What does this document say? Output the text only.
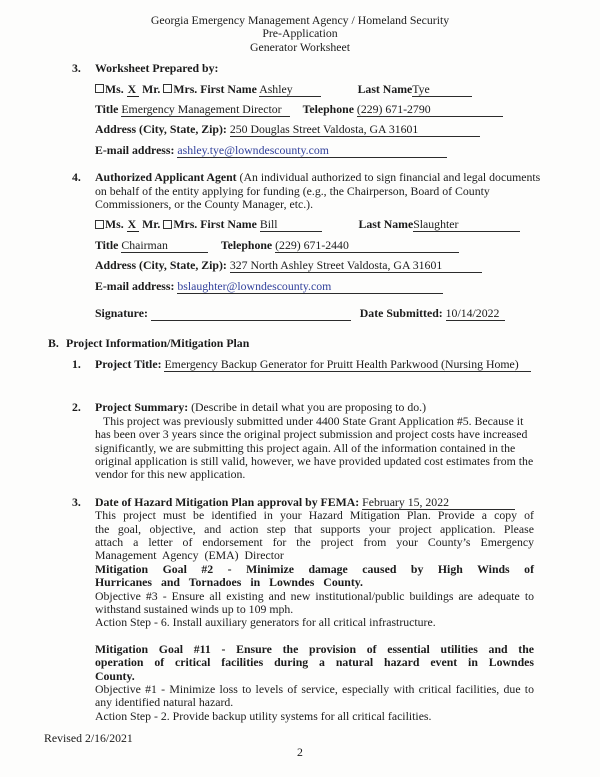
Georgia Emergency Management Agency / Homeland Security
Pre-Application
Generator Worksheet
3.	Worksheet Prepared by:
Ms. X Mr. Mrs. First Name Ashley	Last NameTye
Title Emergency Management Director Telephone (229) 671-2790
Address (City, State, Zip): 250 Douglas Street Valdosta, GA 31601
E-mail address: ashley.tye@lowndescounty.com
4.	Authorized Applicant Agent (An individual authorized to sign financial and legal documents on behalf of the entity applying for funding (e.g., the Chairperson, Board of County Commissioners, or the County Manager, etc.).
Ms. X Mr. Mrs. First Name Bill	Last NameSlaughter
Title Chairman	Telephone (229) 671-2440
Address (City, State, Zip): 327 North Ashley Street Valdosta, GA 31601
E-mail address: bslaughter@lowndescounty.com
Signature:	Date Submitted: 10/14/2022
B. Project Information/Mitigation Plan
1.	Project Title: Emergency Backup Generator for Pruitt Health Parkwood (Nursing Home)
2.	Project Summary: (Describe in detail what you are proposing to do.)
This project was previously submitted under 4400 State Grant Application #5. Because it has been over 3 years since the original project submission and project costs have increased significantly, we are submitting this project again. All of the information contained in the original application is still valid, however, we have provided updated cost estimates from the vendor for this new application.
3.	Date of Hazard Mitigation Plan approval by FEMA: February 15, 2022
This project must be identified in your Hazard Mitigation Plan. Provide a copy of the goal, objective, and action step that supports your project application. Please attach a letter of endorsement for the project from your County’s Emergency Management Agency (EMA) Director
Mitigation Goal #2 - Minimize damage caused by High Winds of Hurricanes and Tornadoes in Lowndes County.
Objective #3 - Ensure all existing and new institutional/public buildings are adequate to withstand sustained winds up to 109 mph.
Action Step - 6. Install auxiliary generators for all critical infrastructure.
Mitigation Goal #11 - Ensure the provision of essential utilities and the operation of critical facilities during a natural hazard event in Lowndes County.
Objective #1 - Minimize loss to levels of service, especially with critical facilities, due to any identified natural hazard.
Action Step - 2. Provide backup utility systems for all critical facilities.
Revised 2/16/2021
2
